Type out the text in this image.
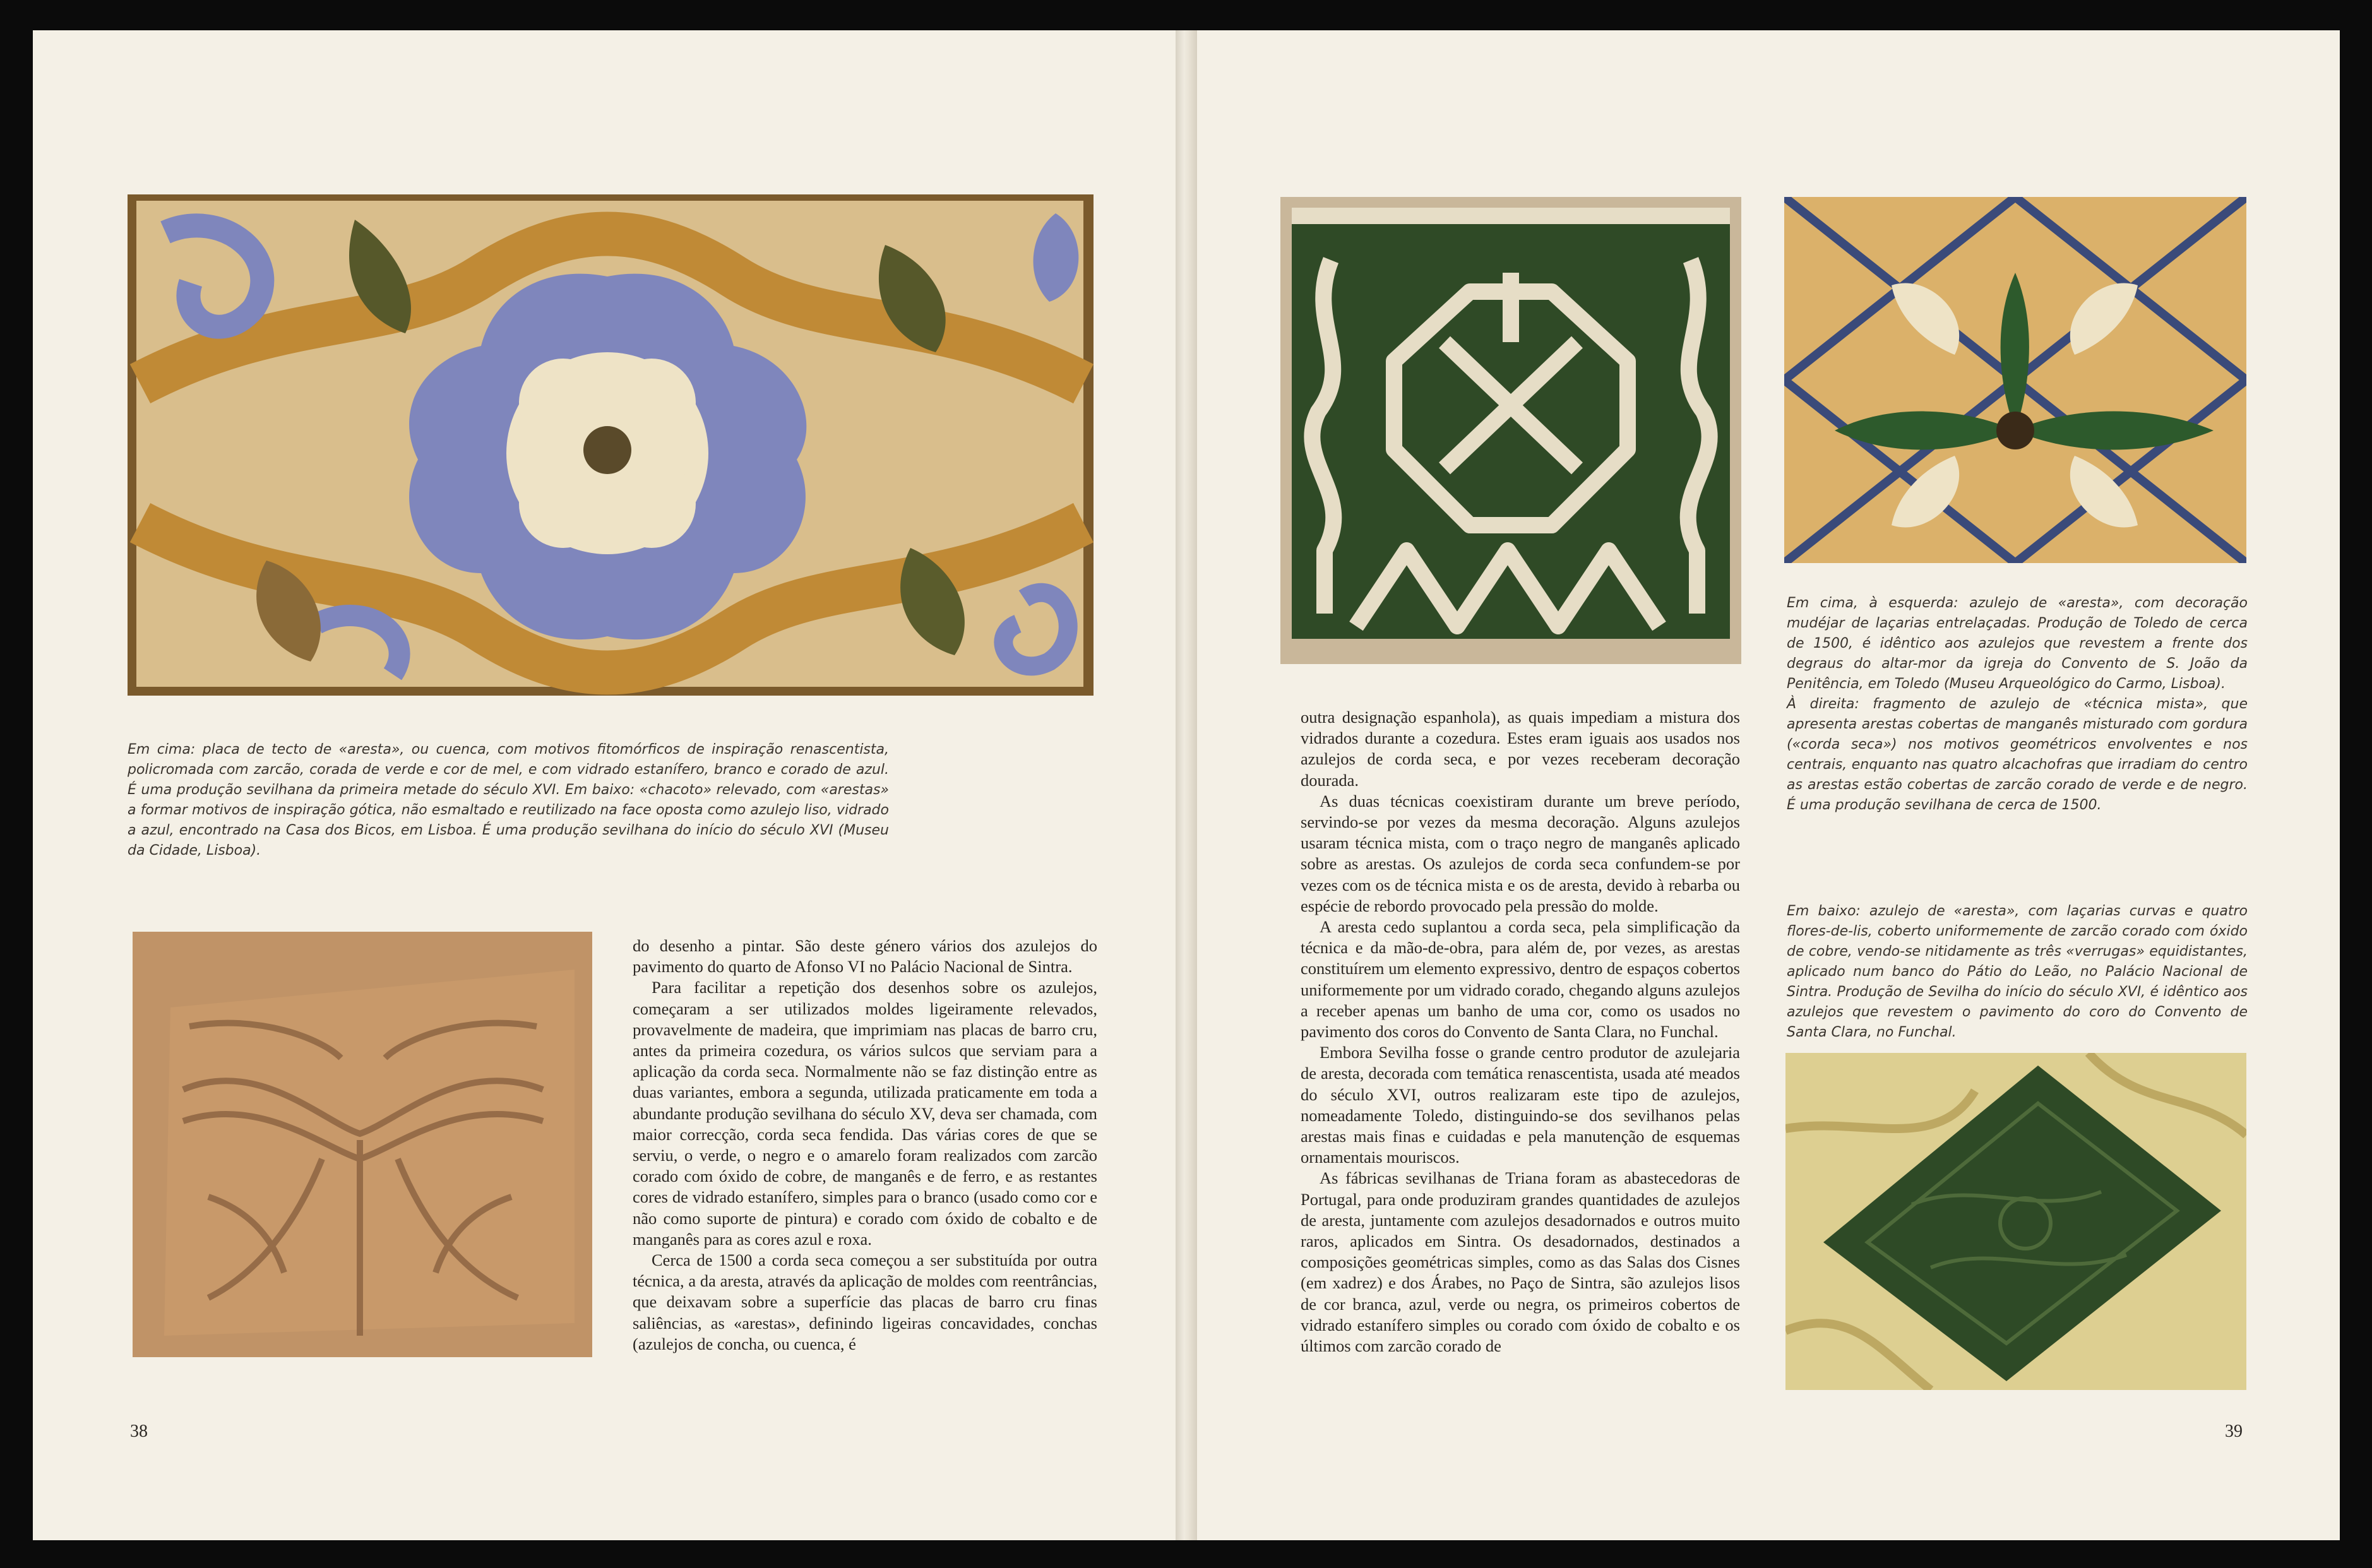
Em cima: placa de tecto de «aresta», ou cuenca, com motivos fitomórficos de inspiração renascentista, policromada com zarcão, corada de verde e cor de mel, e com vidrado estanífero, branco e corado de azul. É uma produção sevilhana da primeira metade do século XVI. Em baixo: «chacoto» relevado, com «arestas» a formar motivos de inspiração gótica, não esmaltado e reutilizado na face oposta como azulejo liso, vidrado a azul, encontrado na Casa dos Bicos, em Lisboa. É uma produção sevilhana do início do século XVI (Museu da Cidade, Lisboa).

do desenho a pintar. São deste género vários dos azulejos do pavimento do quarto de Afonso VI no Palácio Nacional de Sintra.

Para facilitar a repetição dos desenhos sobre os azulejos, começaram a ser utilizados moldes ligeiramente relevados, provavelmente de madeira, que imprimiam nas placas de barro cru, antes da primeira cozedura, os vários sulcos que serviam para a aplicação da corda seca. Normalmente não se faz distinção entre as duas variantes, embora a segunda, utilizada praticamente em toda a abundante produção sevilhana do século XV, deva ser chamada, com maior correcção, corda seca fendida. Das várias cores de que se serviu, o verde, o negro e o amarelo foram realizados com zarcão corado com óxido de cobre, de manganês e de ferro, e as restantes cores de vidrado estanífero, simples para o branco (usado como cor e não como suporte de pintura) e corado com óxido de cobalto e de manganês para as cores azul e roxa.

Cerca de 1500 a corda seca começou a ser substituída por outra técnica, a da aresta, através da aplicação de moldes com reentrâncias, que deixavam sobre a superfície das placas de barro cru finas saliências, as «arestas», definindo ligeiras concavidades, conchas (azulejos de concha, ou cuenca, é

38

Em cima, à esquerda: azulejo de «aresta», com decoração mudéjar de laçarias entrelaçadas. Produção de Toledo de cerca de 1500, é idêntico aos azulejos que revestem a frente dos degraus do altar-mor da igreja do Convento de S. João da Penitência, em Toledo (Museu Arqueológico do Carmo, Lisboa).

À direita: fragmento de azulejo de «técnica mista», que apresenta arestas cobertas de manganês misturado com gordura («corda seca») nos motivos geométricos envolventes e nos centrais, enquanto nas quatro alcachofras que irradiam do centro as arestas estão cobertas de zarcão corado de verde e de negro. É uma produção sevilhana de cerca de 1500.

Em baixo: azulejo de «aresta», com laçarias curvas e quatro flores-de-lis, coberto uniformemente de zarcão corado com óxido de cobre, vendo-se nitidamente as três «verrugas» equidistantes, aplicado num banco do Pátio do Leão, no Palácio Nacional de Sintra. Produção de Sevilha do início do século XVI, é idêntico aos azulejos que revestem o pavimento do coro do Convento de Santa Clara, no Funchal.

outra designação espanhola), as quais impediam a mistura dos vidrados durante a cozedura. Estes eram iguais aos usados nos azulejos de corda seca, e por vezes receberam decoração dourada.

As duas técnicas coexistiram durante um breve período, servindo-se por vezes da mesma decoração. Alguns azulejos usaram técnica mista, com o traço negro de manganês aplicado sobre as arestas. Os azulejos de corda seca confundem-se por vezes com os de técnica mista e os de aresta, devido à rebarba ou espécie de rebordo provocado pela pressão do molde.

A aresta cedo suplantou a corda seca, pela simplificação da técnica e da mão-de-obra, para além de, por vezes, as arestas constituírem um elemento expressivo, dentro de espaços cobertos uniformemente por um vidrado corado, chegando alguns azulejos a receber apenas um banho de uma cor, como os usados no pavimento dos coros do Convento de Santa Clara, no Funchal.

Embora Sevilha fosse o grande centro produtor de azulejaria de aresta, decorada com temática renascentista, usada até meados do século XVI, outros realizaram este tipo de azulejos, nomeadamente Toledo, distinguindo-se dos sevilhanos pelas arestas mais finas e cuidadas e pela manutenção de esquemas ornamentais mouriscos.

As fábricas sevilhanas de Triana foram as abastecedoras de Portugal, para onde produziram grandes quantidades de azulejos de aresta, juntamente com azulejos desadornados e outros muito raros, aplicados em Sintra. Os desadornados, destinados a composições geométricas simples, como as das Salas dos Cisnes (em xadrez) e dos Árabes, no Paço de Sintra, são azulejos lisos de cor branca, azul, verde ou negra, os primeiros cobertos de vidrado estanífero simples ou corado com óxido de cobalto e os últimos com zarcão corado de

39
